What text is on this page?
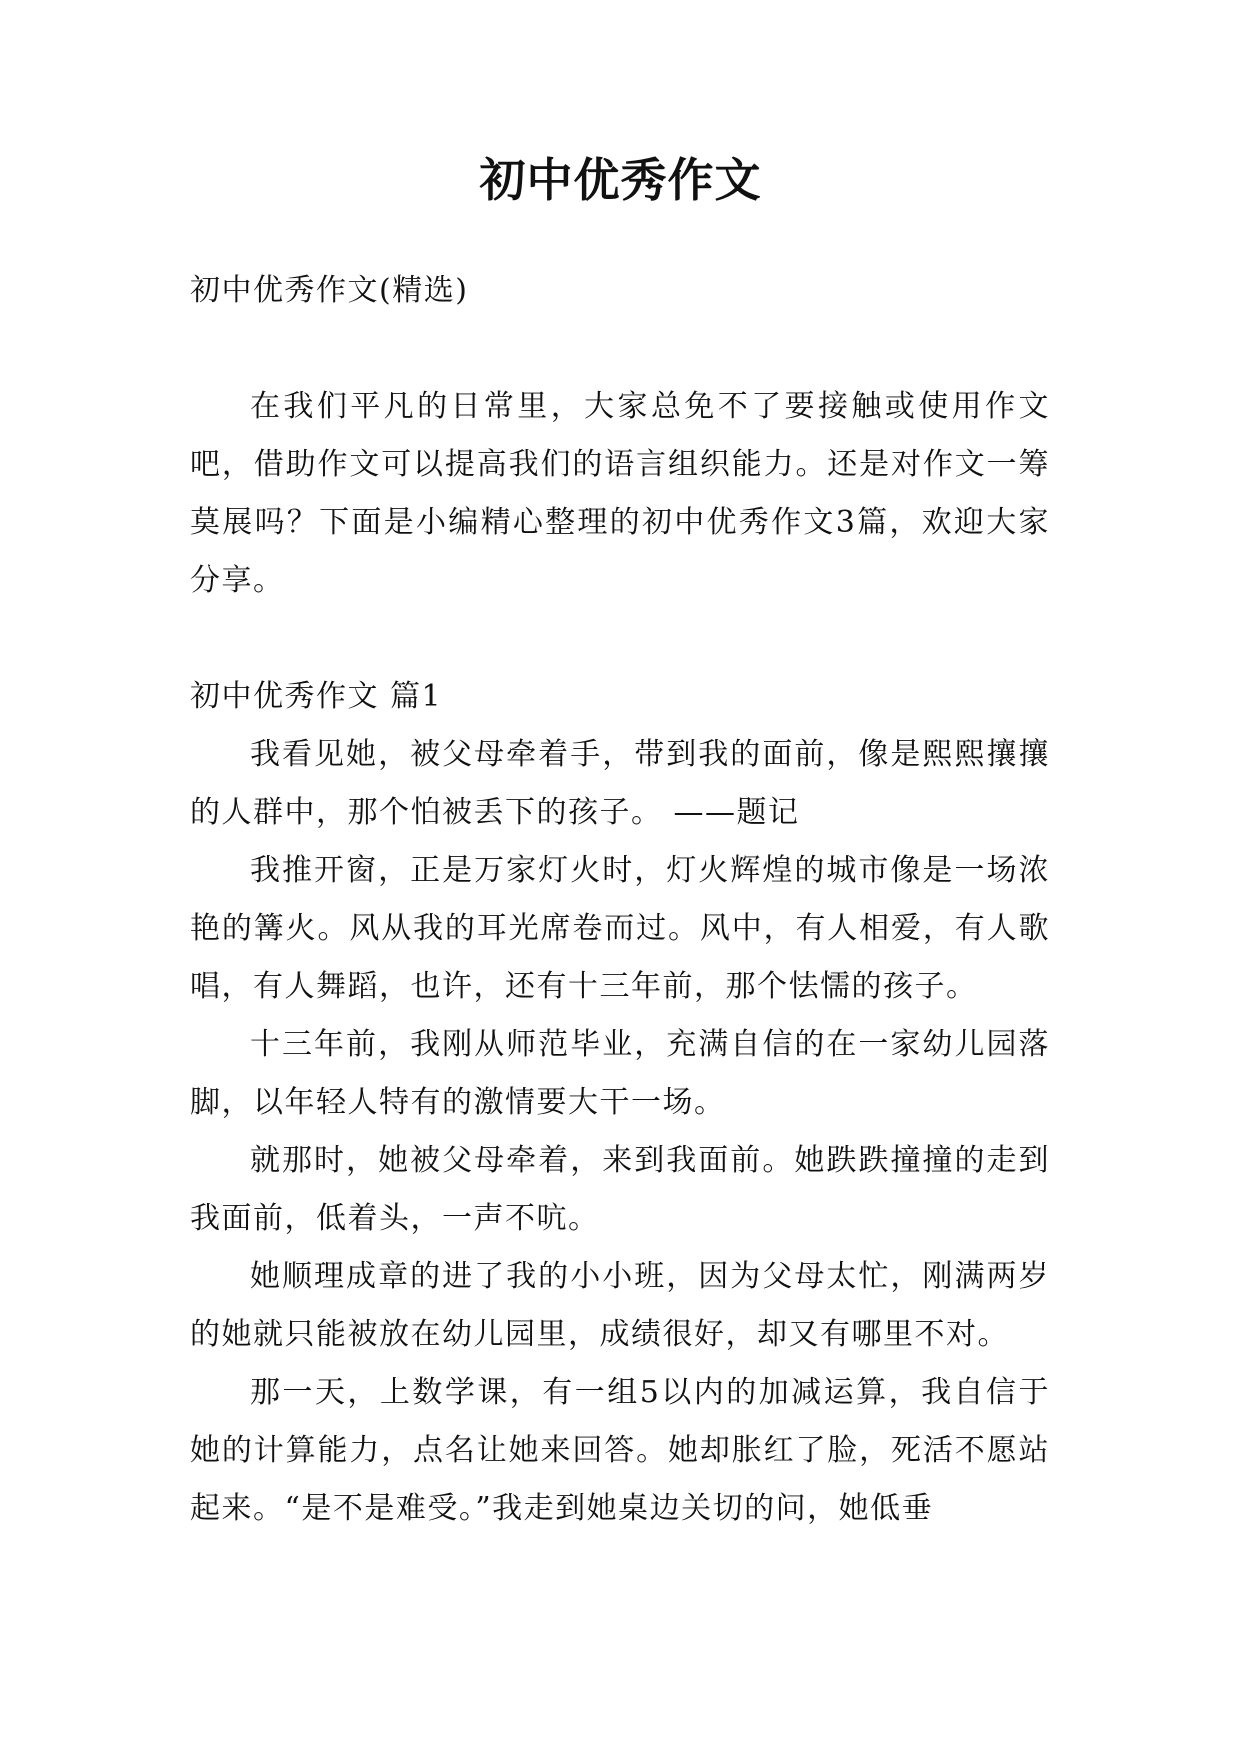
初中优秀作文

初中优秀作文(精选)

在我们平凡的日常里，大家总免不了要接触或使用作文吧，借助作文可以提高我们的语言组织能力。还是对作文一筹莫展吗？下面是小编精心整理的初中优秀作文3篇，欢迎大家分享。

初中优秀作文 篇1

我看见她，被父母牵着手，带到我的面前，像是熙熙攘攘的人群中，那个怕被丢下的孩子。 ——题记

我推开窗，正是万家灯火时，灯火辉煌的城市像是一场浓艳的篝火。风从我的耳光席卷而过。风中，有人相爱，有人歌唱，有人舞蹈，也许，还有十三年前，那个怯懦的孩子。

十三年前，我刚从师范毕业，充满自信的在一家幼儿园落脚，以年轻人特有的激情要大干一场。

就那时，她被父母牵着，来到我面前。她跌跌撞撞的走到我面前，低着头，一声不吭。

她顺理成章的进了我的小小班，因为父母太忙，刚满两岁的她就只能被放在幼儿园里，成绩很好，却又有哪里不对。

那一天，上数学课，有一组5以内的加减运算，我自信于她的计算能力，点名让她来回答。她却胀红了脸，死活不愿站起来。“是不是难受。”我走到她桌边关切的问，她低垂
